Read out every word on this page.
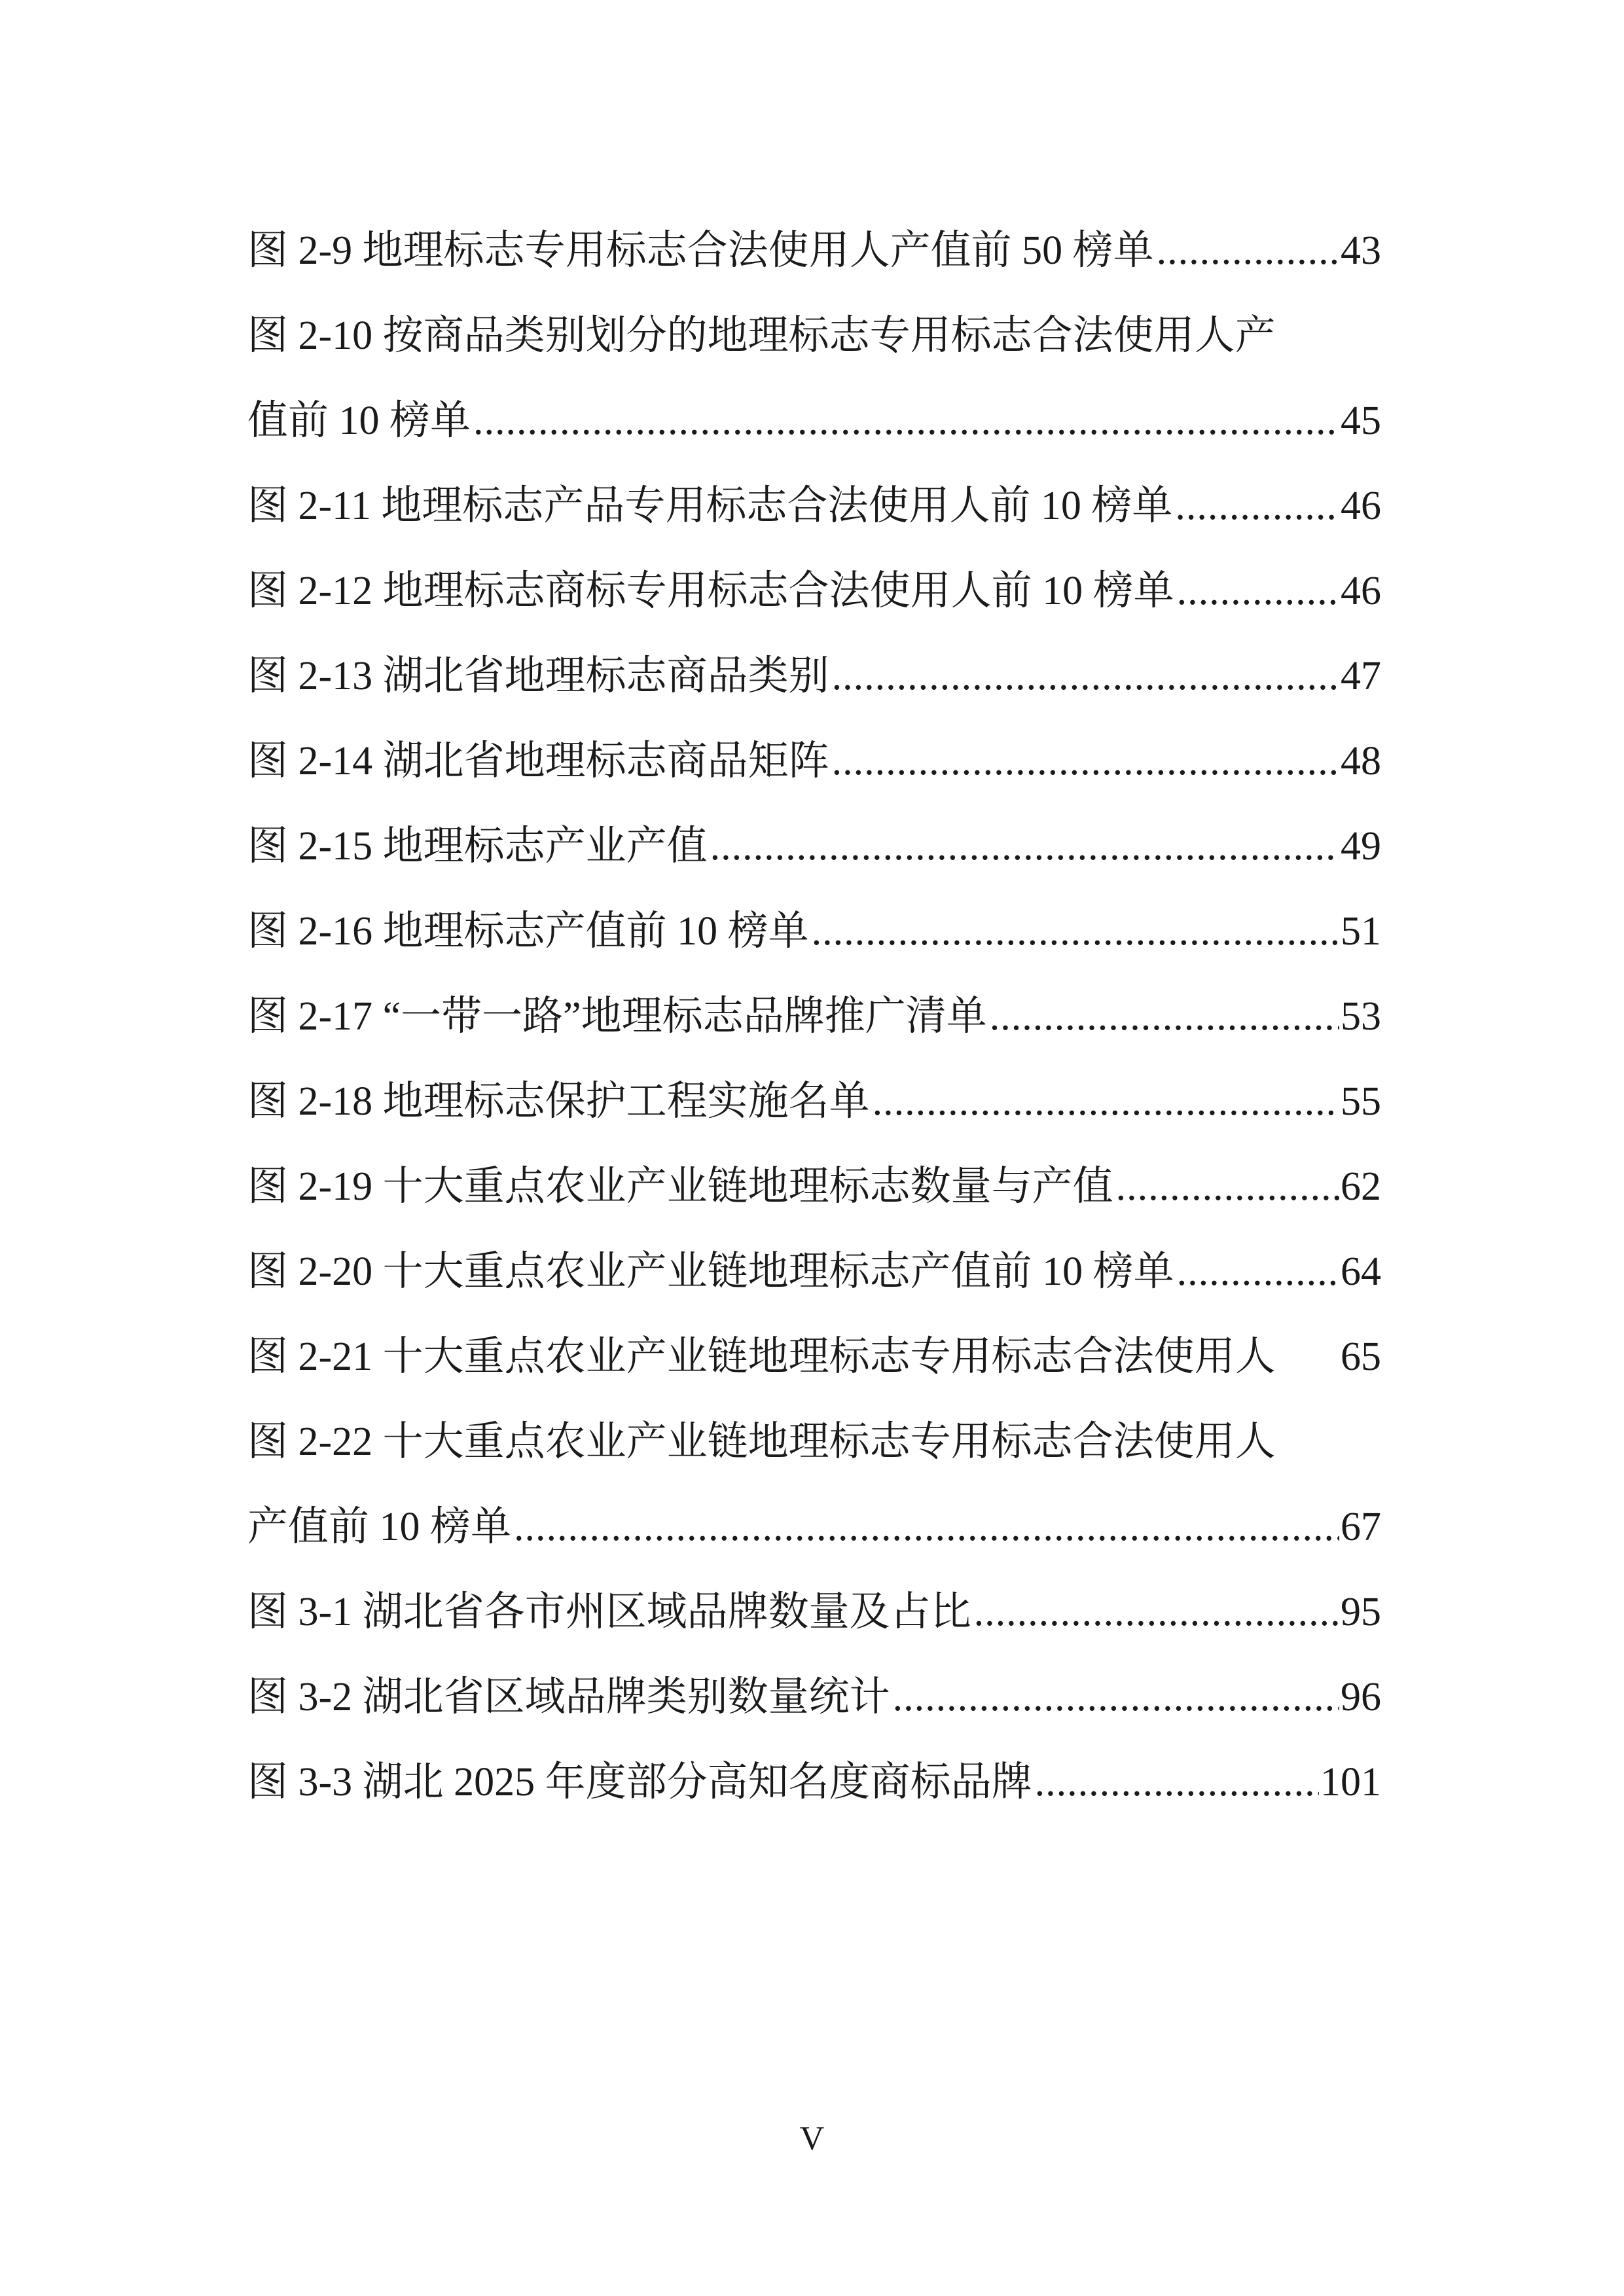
图 2-9 地理标志专用标志合法使用人产值前 50 榜单 .....	43
图 2-10 按商品类别划分的地理标志专用标志合法使用人产
值前 10 榜单 .....	45
图 2-11 地理标志产品专用标志合法使用人前 10 榜单 .....	46
图 2-12 地理标志商标专用标志合法使用人前 10 榜单 .....	46
图 2-13 湖北省地理标志商品类别 .....	47
图 2-14 湖北省地理标志商品矩阵 .....	48
图 2-15 地理标志产业产值 .....	49
图 2-16 地理标志产值前 10 榜单 .....	51
图 2-17 “一带一路”地理标志品牌推广清单 .....	53
图 2-18 地理标志保护工程实施名单 .....	55
图 2-19 十大重点农业产业链地理标志数量与产值 .....	62
图 2-20 十大重点农业产业链地理标志产值前 10 榜单 .....	64
图 2-21 十大重点农业产业链地理标志专用标志合法使用人 65
图 2-22 十大重点农业产业链地理标志专用标志合法使用人
产值前 10 榜单 .....	67
图 3-1 湖北省各市州区域品牌数量及占比 .....	95
图 3-2 湖北省区域品牌类别数量统计 .....	96
图 3-3 湖北 2025 年度部分高知名度商标品牌 .....	101
V
